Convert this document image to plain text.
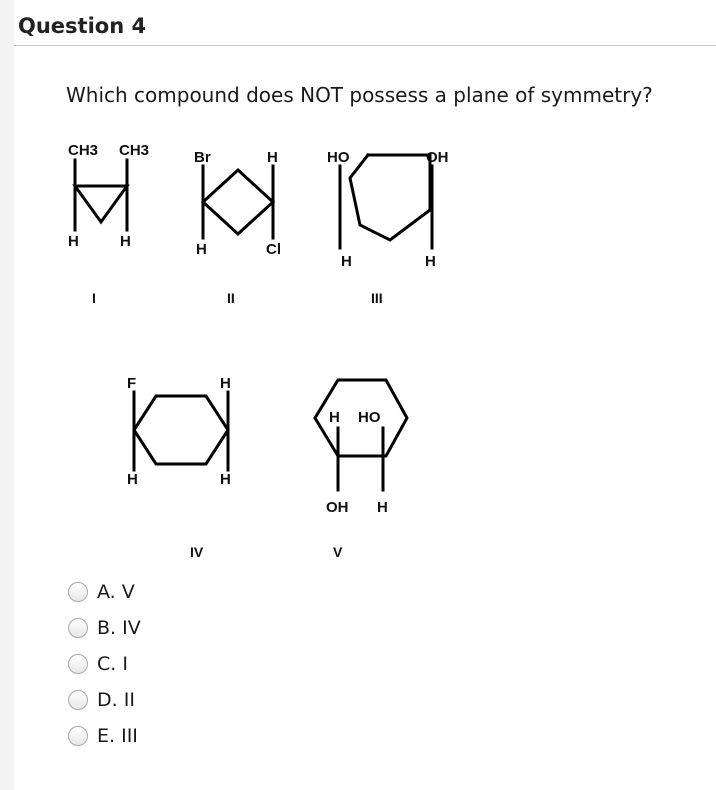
Question 4

Which compound does NOT possess a plane of symmetry?

CH3 CH3
H	H
I
Br	H
H	Cl
II
HO	OH
H	H
III
F	H
H	H
IV
H HO
OH H
V
A. V
B. IV
C. I
D. II
E. III
